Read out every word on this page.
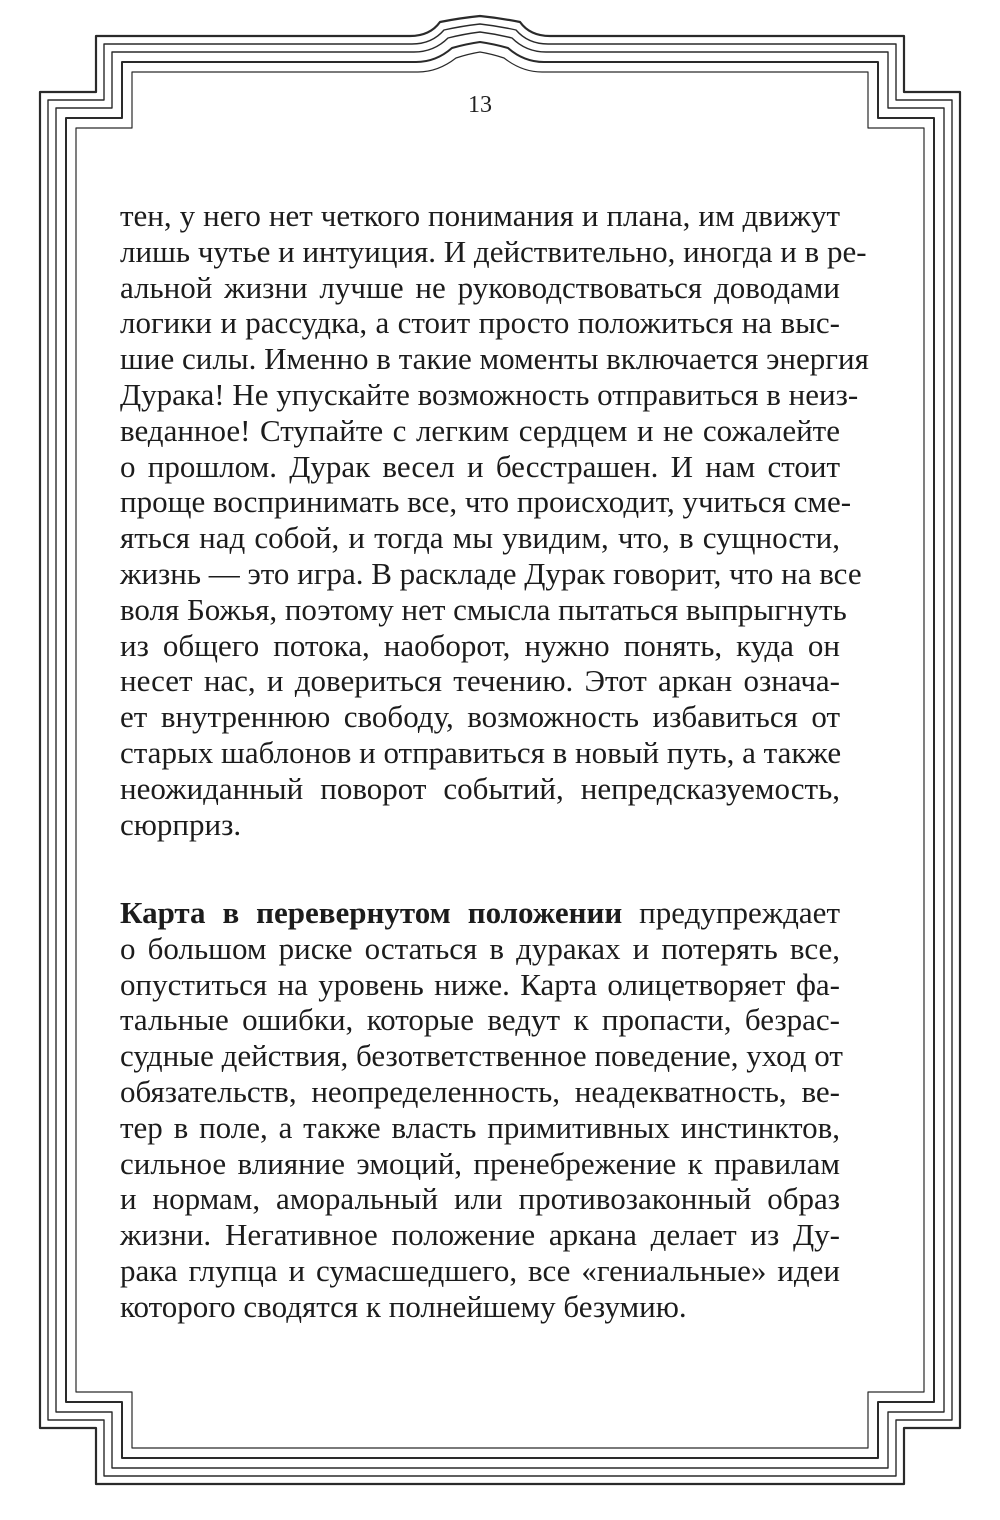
13
тен, у него нет четкого понимания и плана, им движут
лишь чутье и интуиция. И действительно, иногда и в ре-
альной жизни лучше не руководствоваться доводами
логики и рассудка, а стоит просто положиться на выс-
шие силы. Именно в такие моменты включается энергия
Дурака! Не упускайте возможность отправиться в неиз-
веданное! Ступайте с легким сердцем и не сожалейте
о прошлом. Дурак весел и бесстрашен. И нам стоит
проще воспринимать все, что происходит, учиться сме-
яться над собой, и тогда мы увидим, что, в сущности,
жизнь — это игра. В раскладе Дурак говорит, что на все
воля Божья, поэтому нет смысла пытаться выпрыгнуть
из общего потока, наоборот, нужно понять, куда он
несет нас, и довериться течению. Этот аркан означа-
ет внутреннюю свободу, возможность избавиться от
старых шаблонов и отправиться в новый путь, а также
неожиданный поворот событий, непредсказуемость,
сюрприз.
Карта в перевернутом положении предупреждает
о большом риске остаться в дураках и потерять все,
опуститься на уровень ниже. Карта олицетворяет фа-
тальные ошибки, которые ведут к пропасти, безрас-
судные действия, безответственное поведение, уход от
обязательств, неопределенность, неадекватность, ве-
тер в поле, а также власть примитивных инстинктов,
сильное влияние эмоций, пренебрежение к правилам
и нормам, аморальный или противозаконный образ
жизни. Негативное положение аркана делает из Ду-
рака глупца и сумасшедшего, все «гениальные» идеи
которого сводятся к полнейшему безумию.
